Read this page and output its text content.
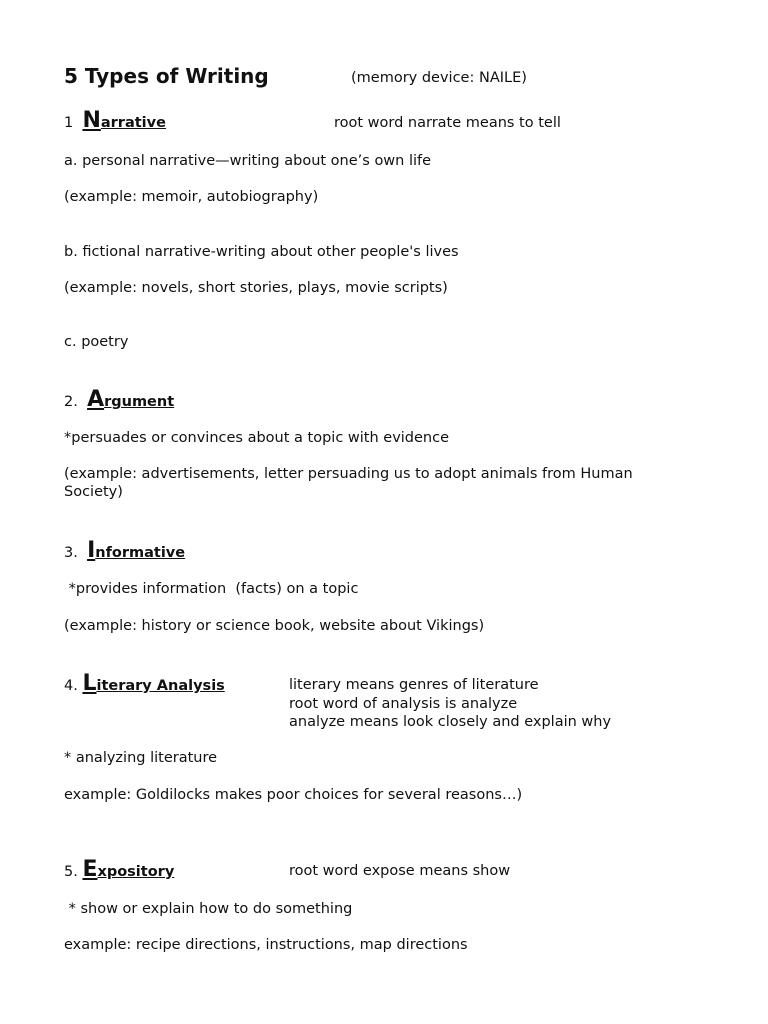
5 Types of Writing	(memory device: NAILE)
1 Narrative	root word narrate means to tell
a. personal narrative—writing about one’s own life
(example: memoir, autobiography)
b. fictional narrative-writing about other people's lives
(example: novels, short stories, plays, movie scripts)
c. poetry
2. Argument
*persuades or convinces about a topic with evidence
(example: advertisements, letter persuading us to adopt animals from Human Society)
3. Informative
*provides information  (facts) on a topic
(example: history or science book, website about Vikings)
4. Literary Analysis	literary means genres of literature
root word of analysis is analyze
analyze means look closely and explain why
* analyzing literature
example: Goldilocks makes poor choices for several reasons…)
5. Expository	root word expose means show
* show or explain how to do something
example: recipe directions, instructions, map directions
